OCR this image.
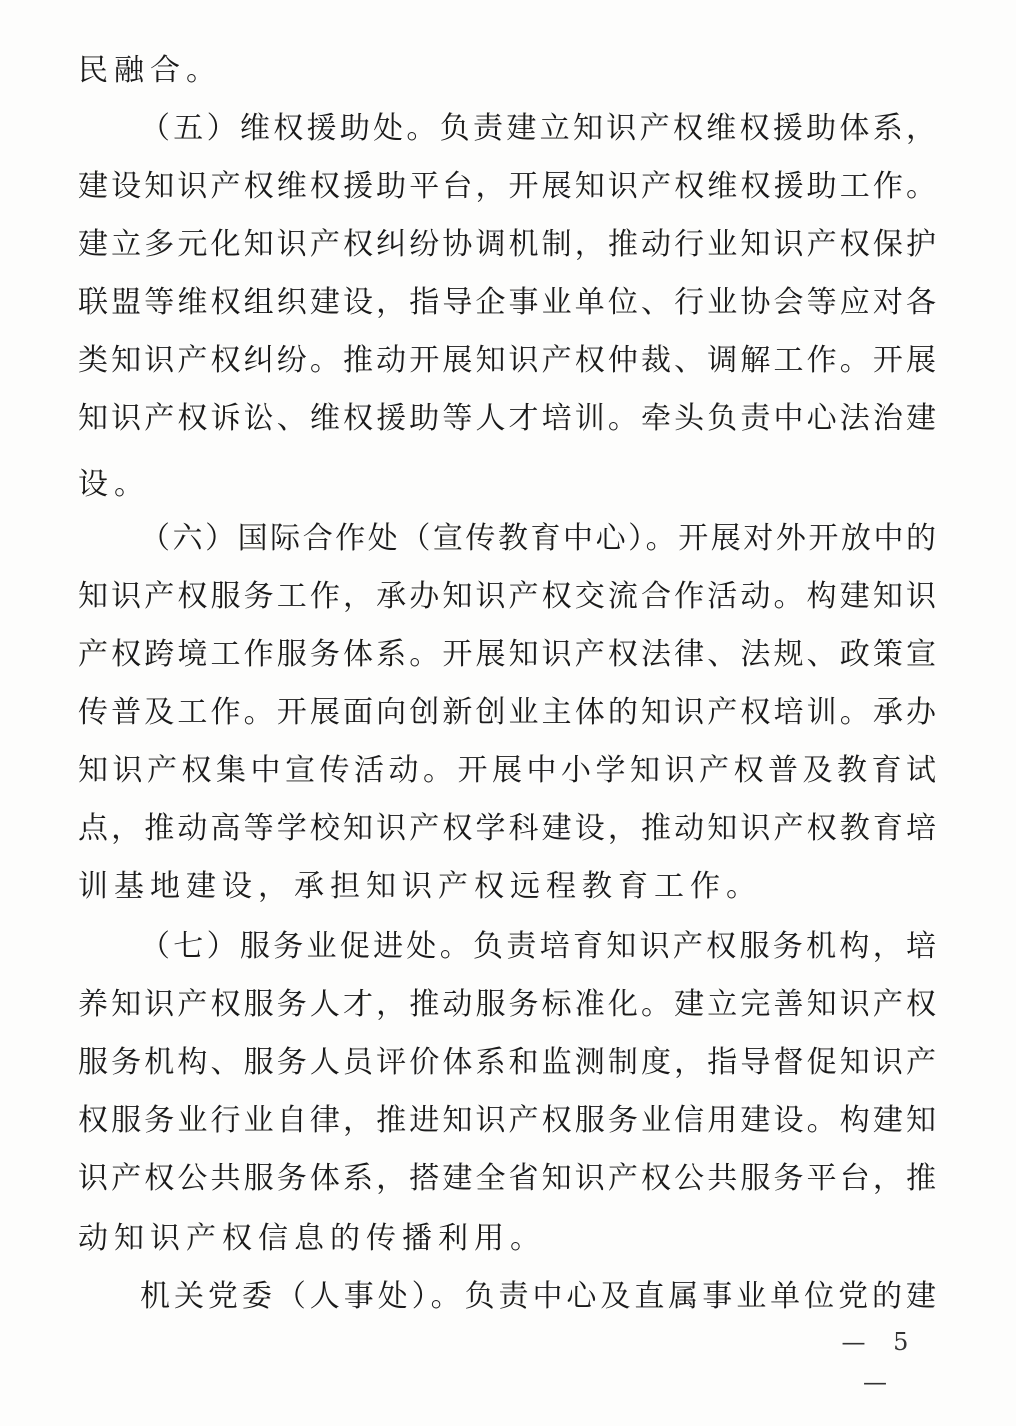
民融合。
（五）维权援助处。负责建立知识产权维权援助体系，
建设知识产权维权援助平台，开展知识产权维权援助工作。
建立多元化知识产权纠纷协调机制，推动行业知识产权保护
联盟等维权组织建设，指导企事业单位、行业协会等应对各
类知识产权纠纷。推动开展知识产权仲裁、调解工作。开展
知识产权诉讼、维权援助等人才培训。牵头负责中心法治建
设。
（六）国际合作处（宣传教育中心）。开展对外开放中的
知识产权服务工作，承办知识产权交流合作活动。构建知识
产权跨境工作服务体系。开展知识产权法律、法规、政策宣
传普及工作。开展面向创新创业主体的知识产权培训。承办
知识产权集中宣传活动。开展中小学知识产权普及教育试
点，推动高等学校知识产权学科建设，推动知识产权教育培
训基地建设，承担知识产权远程教育工作。
（七）服务业促进处。负责培育知识产权服务机构，培
养知识产权服务人才，推动服务标准化。建立完善知识产权
服务机构、服务人员评价体系和监测制度，指导督促知识产
权服务业行业自律，推进知识产权服务业信用建设。构建知
识产权公共服务体系，搭建全省知识产权公共服务平台，推
动知识产权信息的传播利用。
机关党委（人事处）。负责中心及直属事业单位党的建
— 5 —
